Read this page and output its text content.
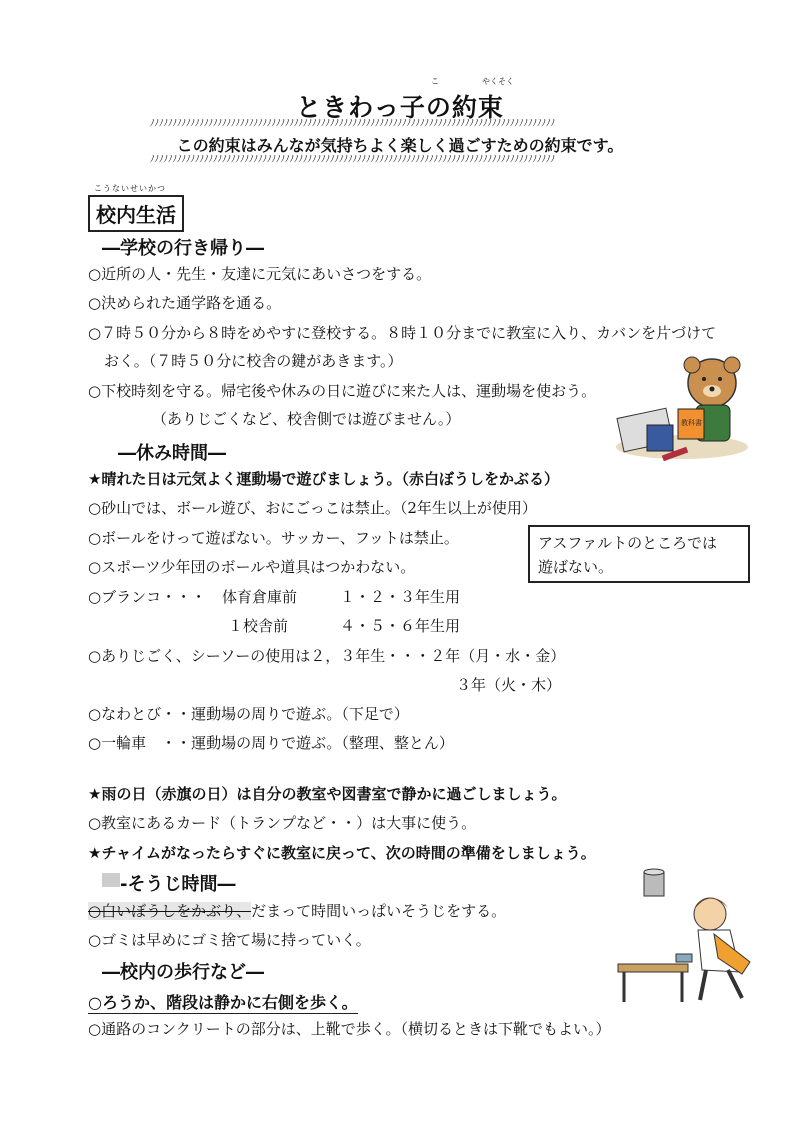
ときわっ子の約束
やくそく
こ
ﾉﾉﾉﾉﾉﾉﾉﾉﾉﾉﾉﾉﾉﾉﾉﾉﾉﾉﾉﾉﾉﾉﾉﾉﾉﾉﾉﾉﾉﾉﾉﾉﾉﾉﾉﾉﾉﾉﾉﾉﾉﾉﾉﾉﾉﾉﾉﾉﾉﾉﾉﾉﾉﾉﾉﾉﾉﾉﾉﾉﾉﾉﾉﾉﾉﾉﾉﾉﾉﾉﾉﾉﾉﾉﾉﾉﾉﾉﾉﾉﾉﾉﾉﾉﾉﾉﾉﾉﾉﾉ
この約束はみんなが気持ちよく楽しく過ごすための約束です。
ﾉﾉﾉﾉﾉﾉﾉﾉﾉﾉﾉﾉﾉﾉﾉﾉﾉﾉﾉﾉﾉﾉﾉﾉﾉﾉﾉﾉﾉﾉﾉﾉﾉﾉﾉﾉﾉﾉﾉﾉﾉﾉﾉﾉﾉﾉﾉﾉﾉﾉﾉﾉﾉﾉﾉﾉﾉﾉﾉﾉﾉﾉﾉﾉﾉﾉﾉﾉﾉﾉﾉﾉﾉﾉﾉﾉﾉﾉﾉﾉﾉﾉﾉﾉﾉﾉﾉﾉﾉﾉ
こうないせいかつ
校内生活
―学校の行き帰り―
○近所の人・先生・友達に元気にあいさつをする。
○決められた通学路を通る。
○７時５０分から８時をめやすに登校する。８時１０分までに教室に入り、カバンを片づけて
おく。（７時５０分に校舎の鍵があきます。）
○下校時刻を守る。帰宅後や休みの日に遊びに来た人は、運動場を使おう。
（ありじごくなど、校舎側では遊びません。）	教科書
―休み時間―
★晴れた日は元気よく運動場で遊びましょう。（赤白ぼうしをかぶる）
○砂山では、ボール遊び、おにごっこは禁止。（2年生以上が使用）
○ボールをけって遊ばない。サッカー、フットは禁止。
○スポーツ少年団のボールや道具はつかわない。
○ブランコ・・・ 体育倉庫前	１・２・３年生用
１校舎前	４・５・６年生用
○ありじごく、シーソーの使用は２，３年生・・・２年（月・水・金）
３年（火・木）
○なわとび・・運動場の周りで遊ぶ。（下足で）
○一輪車　・・運動場の周りで遊ぶ。（整理、整とん）
アスファルトのところでは
遊ばない。
★雨の日（赤旗の日）は自分の教室や図書室で静かに過ごしましょう。
○教室にあるカード（トランプなど・・）は大事に使う。
★チャイムがなったらすぐに教室に戻って、次の時間の準備をしましょう。
-そうじ時間―
○白いぼうしをかぶり、だまって時間いっぱいそうじをする。
○ゴミは早めにゴミ捨て場に持っていく。
―校内の歩行など―
○ろうか、階段は静かに右側を歩く。
○通路のコンクリートの部分は、上靴で歩く。（横切るときは下靴でもよい。）
